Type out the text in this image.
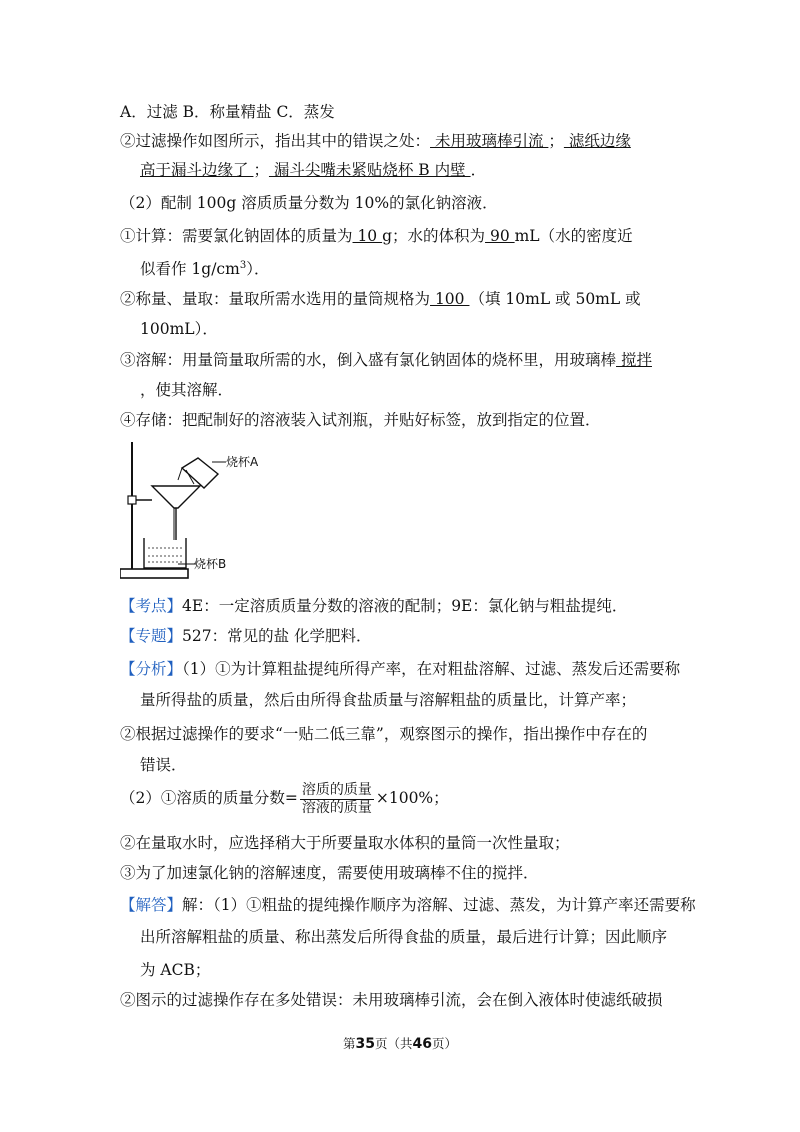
A．过滤 B．称量精盐 C．蒸发
②过滤操作如图所示，指出其中的错误之处： 未用玻璃棒引流 ； 滤纸边缘
高于漏斗边缘了 ； 漏斗尖嘴未紧贴烧杯 B 内壁 ．
（2）配制 100g 溶质质量分数为 10%的氯化钠溶液．
①计算：需要氯化钠固体的质量为 10 g；水的体积为 90 mL（水的密度近
似看作 $1g/cm^3$）．
②称量、量取：量取所需水选用的量筒规格为 100 （填 10mL 或 50mL 或
100mL）．
③溶解：用量筒量取所需的水，倒入盛有氯化钠固体的烧杯里，用玻璃棒 搅拌
，使其溶解．
④存储：把配制好的溶液装入试剂瓶，并贴好标签，放到指定的位置．
烧杯A
烧杯B
【考点】4E：一定溶质质量分数的溶液的配制；9E：氯化钠与粗盐提纯．
【专题】527：常见的盐 化学肥料．
【分析】（1）①为计算粗盐提纯所得产率，在对粗盐溶解、过滤、蒸发后还需要称
量所得盐的质量，然后由所得食盐质量与溶解粗盐的质量比，计算产率；
②根据过滤操作的要求“一贴二低三靠”，观察图示的操作，指出操作中存在的
错误．
（2）①溶质的质量分数= $\frac{\text{溶质的质量}}{\text{溶液的质量}} \times 100\%$；
②在量取水时，应选择稍大于所要量取水体积的量筒一次性量取；
③为了加速氯化钠的溶解速度，需要使用玻璃棒不住的搅拌．
【解答】解：（1）①粗盐的提纯操作顺序为溶解、过滤、蒸发，为计算产率还需要称
出所溶解粗盐的质量、称出蒸发后所得食盐的质量，最后进行计算；因此顺序
为 ACB；
②图示的过滤操作存在多处错误：未用玻璃棒引流，会在倒入液体时使滤纸破损
第35页（共46页）
